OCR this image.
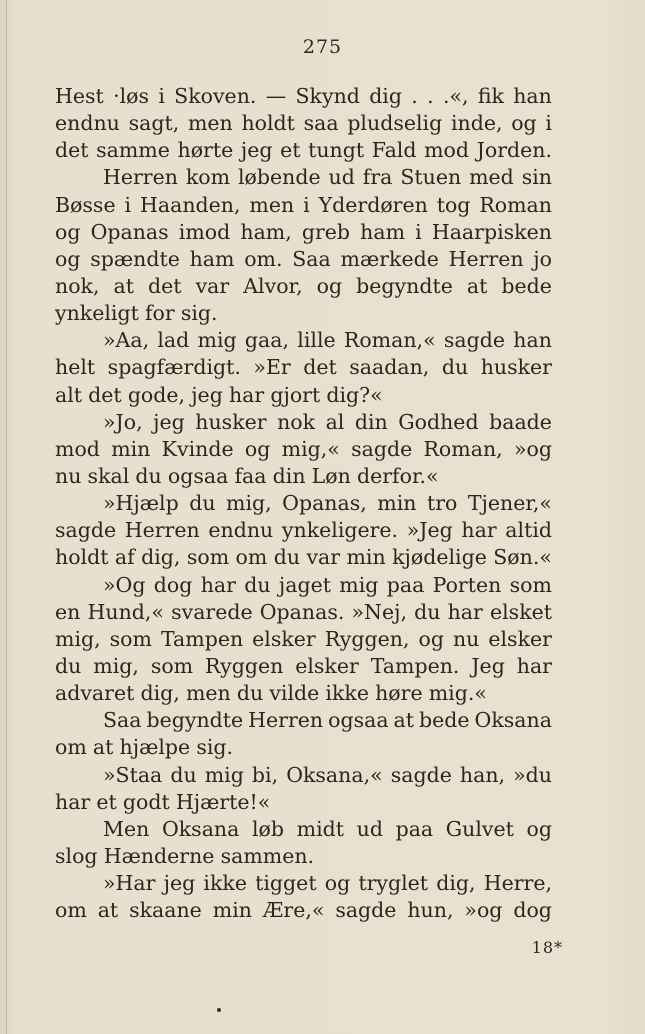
275
Hest ·løs i Skoven. — Skynd dig . . .«, fik han
endnu sagt, men holdt saa pludselig inde, og i
det samme hørte jeg et tungt Fald mod Jorden.
Herren kom løbende ud fra Stuen med sin
Bøsse i Haanden, men i Yderdøren tog Roman
og Opanas imod ham, greb ham i Haarpisken
og spændte ham om. Saa mærkede Herren jo
nok, at det var Alvor, og begyndte at bede
ynkeligt for sig.
»Aa, lad mig gaa, lille Roman,« sagde han
helt spagfærdigt. »Er det saadan, du husker
alt det gode, jeg har gjort dig?«
»Jo, jeg husker nok al din Godhed baade
mod min Kvinde og mig,« sagde Roman, »og
nu skal du ogsaa faa din Løn derfor.«
»Hjælp du mig, Opanas, min tro Tjener,«
sagde Herren endnu ynkeligere. »Jeg har altid
holdt af dig, som om du var min kjødelige Søn.«
»Og dog har du jaget mig paa Porten som
en Hund,« svarede Opanas. »Nej, du har elsket
mig, som Tampen elsker Ryggen, og nu elsker
du mig, som Ryggen elsker Tampen. Jeg har
advaret dig, men du vilde ikke høre mig.«
Saa begyndte Herren ogsaa at bede Oksana
om at hjælpe sig.
»Staa du mig bi, Oksana,« sagde han, »du
har et godt Hjærte!«
Men Oksana løb midt ud paa Gulvet og
slog Hænderne sammen.
»Har jeg ikke tigget og tryglet dig, Herre,
om at skaane min Ære,« sagde hun, »og dog
18*
